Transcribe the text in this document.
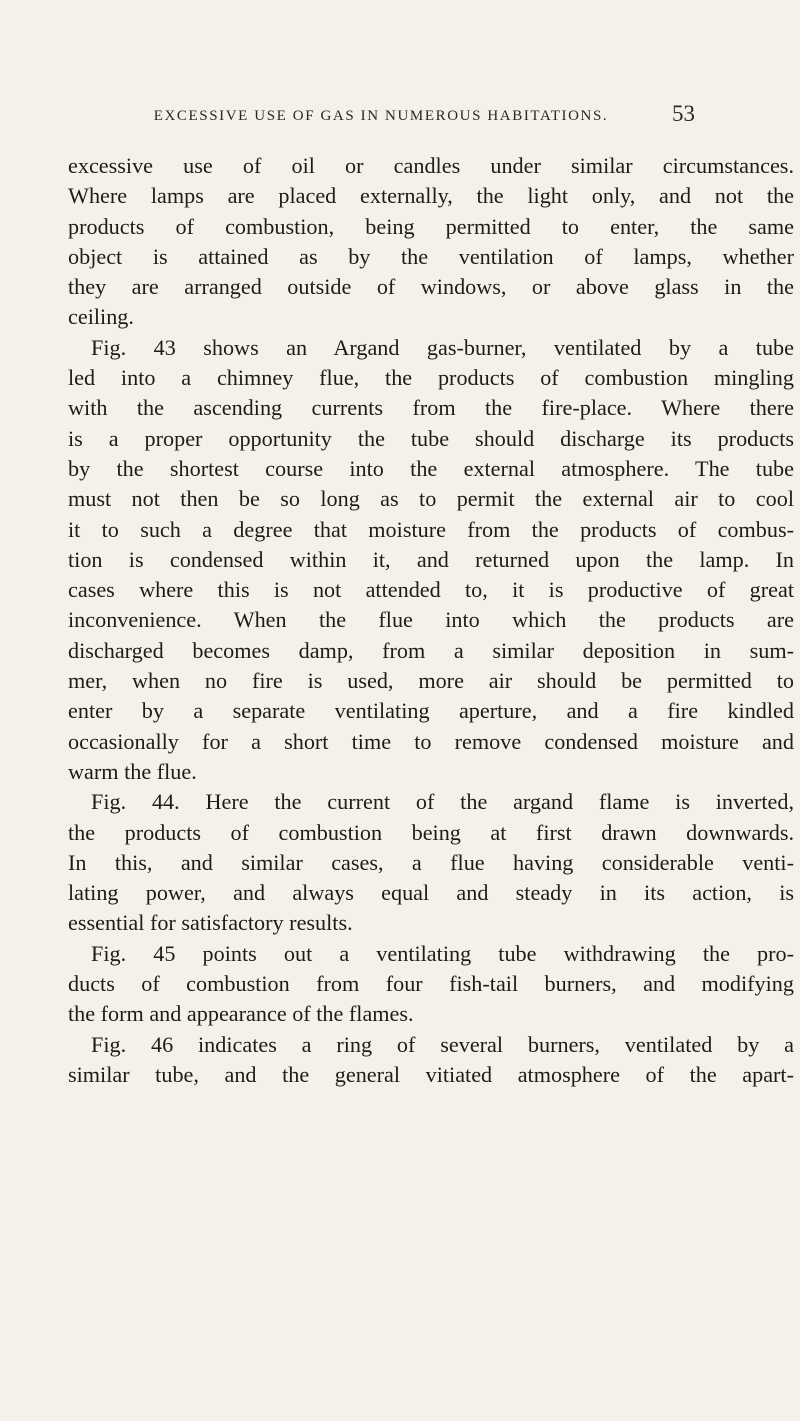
EXCESSIVE USE OF GAS IN NUMEROUS HABITATIONS.	53
excessive use of oil or candles under similar circumstances.
Where lamps are placed externally, the light only, and not the
products of combustion, being permitted to enter, the same
object is attained as by the ventilation of lamps, whether
they are arranged outside of windows, or above glass in the
ceiling.
Fig. 43 shows an Argand gas-burner, ventilated by a tube
led into a chimney flue, the products of combustion mingling
with the ascending currents from the fire-place. Where there
is a proper opportunity the tube should discharge its products
by the shortest course into the external atmosphere. The tube
must not then be so long as to permit the external air to cool
it to such a degree that moisture from the products of combus-
tion is condensed within it, and returned upon the lamp. In
cases where this is not attended to, it is productive of great
inconvenience. When the flue into which the products are
discharged becomes damp, from a similar deposition in sum-
mer, when no fire is used, more air should be permitted to
enter by a separate ventilating aperture, and a fire kindled
occasionally for a short time to remove condensed moisture and
warm the flue.
Fig. 44. Here the current of the argand flame is inverted,
the products of combustion being at first drawn downwards.
In this, and similar cases, a flue having considerable venti-
lating power, and always equal and steady in its action, is
essential for satisfactory results.
Fig. 45 points out a ventilating tube withdrawing the pro-
ducts of combustion from four fish-tail burners, and modifying
the form and appearance of the flames.
Fig. 46 indicates a ring of several burners, ventilated by a
similar tube, and the general vitiated atmosphere of the apart-
